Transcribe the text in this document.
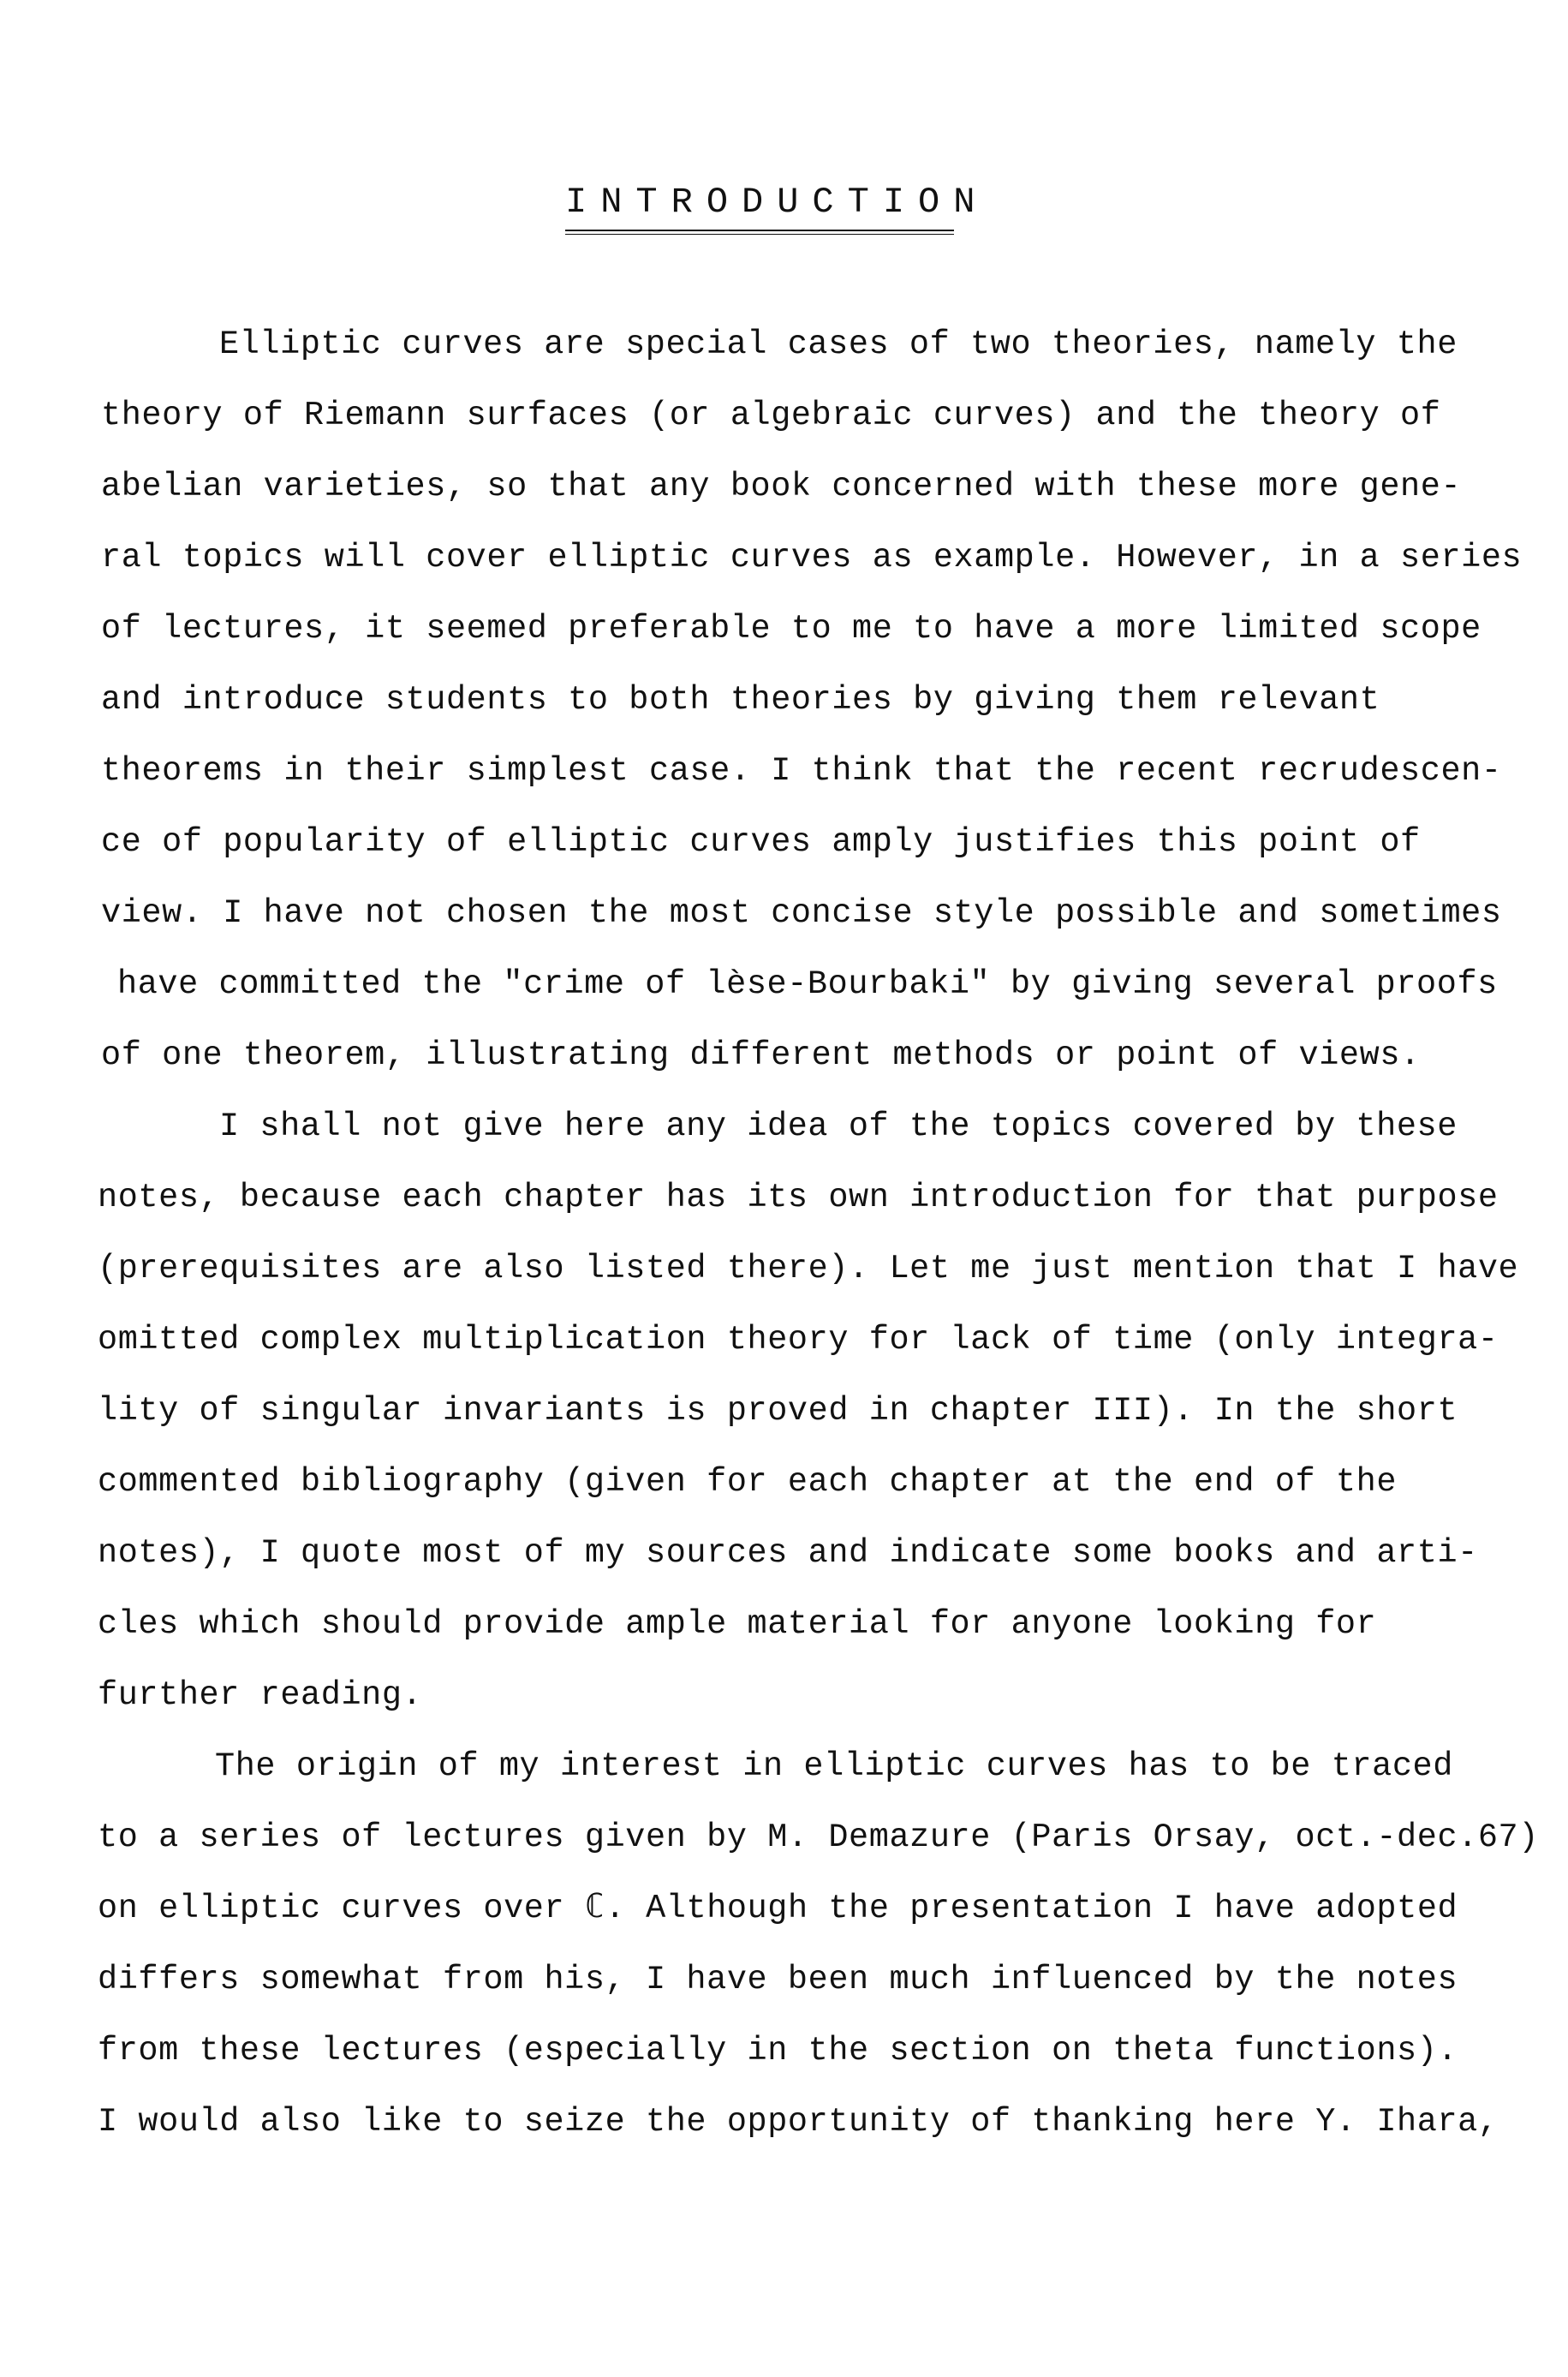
INTRODUCTION
Elliptic curves are special cases of two theories, namely the
theory of Riemann surfaces (or algebraic curves) and the theory of
abelian varieties, so that any book concerned with these more gene-
ral topics will cover elliptic curves as example. However, in a series
of lectures, it seemed preferable to me to have a more limited scope
and introduce students to both theories by giving them relevant
theorems in their simplest case. I think that the recent recrudescen-
ce of popularity of elliptic curves amply justifies this point of
view. I have not chosen the most concise style possible and sometimes
have committed the "crime of lèse-Bourbaki" by giving several proofs
of one theorem, illustrating different methods or point of views.
I shall not give here any idea of the topics covered by these
notes, because each chapter has its own introduction for that purpose
(prerequisites are also listed there). Let me just mention that I have
omitted complex multiplication theory for lack of time (only integra-
lity of singular invariants is proved in chapter III). In the short
commented bibliography (given for each chapter at the end of the
notes), I quote most of my sources and indicate some books and arti-
cles which should provide ample material for anyone looking for
further reading.
The origin of my interest in elliptic curves has to be traced
to a series of lectures given by M. Demazure (Paris Orsay, oct.-dec.67)
on elliptic curves over ℂ. Although the presentation I have adopted
differs somewhat from his, I have been much influenced by the notes
from these lectures (especially in the section on theta functions).
I would also like to seize the opportunity of thanking here Y. Ihara,
